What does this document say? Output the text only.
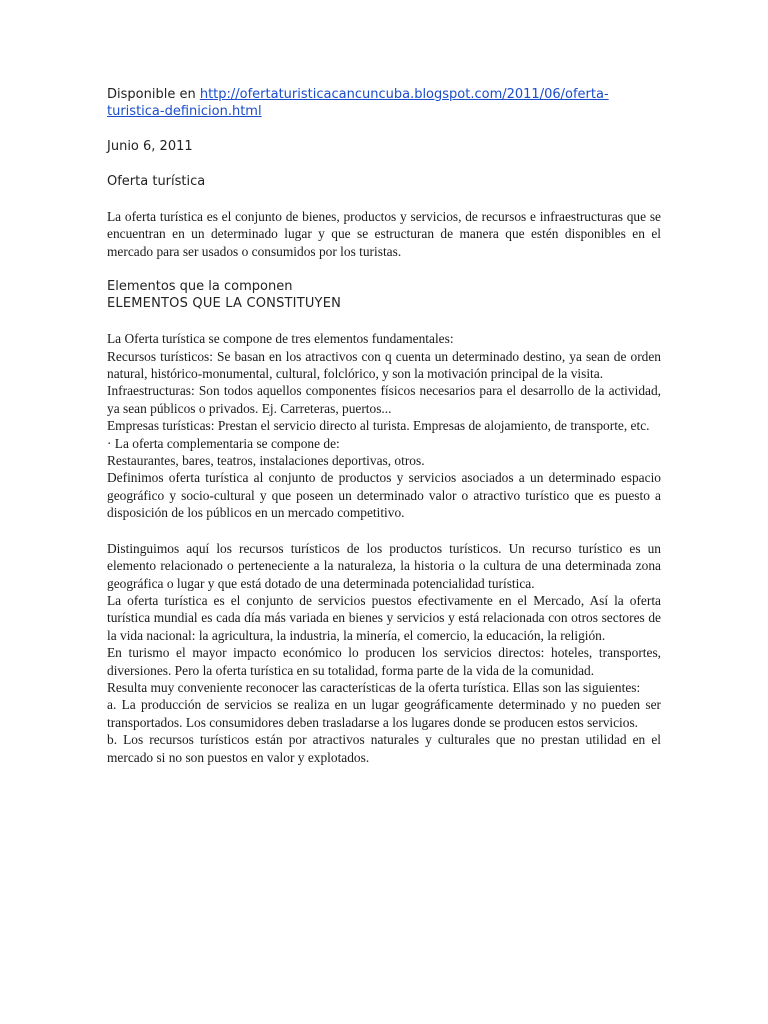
Disponible en http://ofertaturisticacancuncuba.blogspot.com/2011/06/oferta-
turistica-definicion.html

Junio 6, 2011

Oferta turística

La oferta turística es el conjunto de bienes, productos y servicios, de recursos e infraestructuras que se encuentran en un determinado lugar y que se estructuran de manera que estén disponibles en el mercado para ser usados o consumidos por los turistas.

Elementos que la componen

ELEMENTOS QUE LA CONSTITUYEN

La Oferta turística se compone de tres elementos fundamentales:

Recursos turísticos: Se basan en los atractivos con q cuenta un determinado destino, ya sean de orden natural, histórico-monumental, cultural, folclórico, y son la motivación principal de la visita.

Infraestructuras: Son todos aquellos componentes físicos necesarios para el desarrollo de la actividad, ya sean públicos o privados. Ej. Carreteras, puertos...

Empresas turísticas: Prestan el servicio directo al turista. Empresas de alojamiento, de transporte, etc.

· La oferta complementaria se compone de:

Restaurantes, bares, teatros, instalaciones deportivas, otros.

Definimos oferta turística al conjunto de productos y servicios asociados a un determinado espacio geográfico y socio-cultural y que poseen un determinado valor o atractivo turístico que es puesto a disposición de los públicos en un mercado competitivo.

Distinguimos aquí los recursos turísticos de los productos turísticos. Un recurso turístico es un elemento relacionado o perteneciente a la naturaleza, la historia o la cultura de una determinada zona geográfica o lugar y que está dotado de una determinada potencialidad turística.

La oferta turística es el conjunto de servicios puestos efectivamente en el Mercado, Así la oferta turística mundial es cada día más variada en bienes y servicios y está relacionada con otros sectores de la vida nacional: la agricultura, la industria, la minería, el comercio, la educación, la religión.

En turismo el mayor impacto económico lo producen los servicios directos: hoteles, transportes, diversiones. Pero la oferta turística en su totalidad, forma parte de la vida de la comunidad.

Resulta muy conveniente reconocer las características de la oferta turística. Ellas son las siguientes:

a. La producción de servicios se realiza en un lugar geográficamente determinado y no pueden ser transportados. Los consumidores deben trasladarse a los lugares donde se producen estos servicios.

b. Los recursos turísticos están por atractivos naturales y culturales que no prestan utilidad en el mercado si no son puestos en valor y explotados.
